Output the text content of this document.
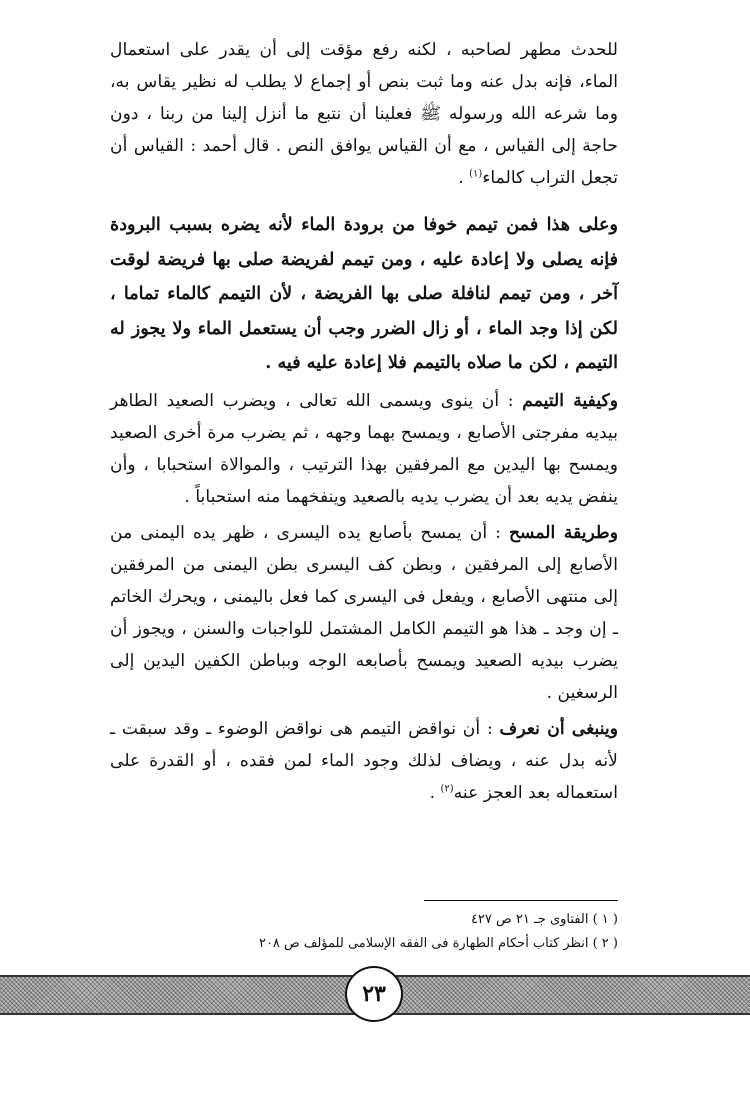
للحدث مطهر لصاحبه ، لكنه رفع مؤقت إلى أن يقدر على استعمال الماء، فإنه بدل عنه وما ثبت بنص أو إجماع لا يطلب له نظير يقاس به، وما شرعه الله ورسوله ﷺ فعلينا أن نتبع ما أنزل إلينا من ربنا ، دون حاجة إلى القياس ، مع أن القياس يوافق النص . قال أحمد : القياس أن تجعل التراب كالماء$^{(١)}$ .

وعلى هذا فمن تيمم خوفا من برودة الماء لأنه يضره بسبب البرودة فإنه يصلى ولا إعادة عليه ، ومن تيمم لفريضة صلى بها فريضة لوقت آخر ، ومن تيمم لنافلة صلى بها الفريضة ، لأن التيمم كالماء تماما ، لكن إذا وجد الماء ، أو زال الضرر وجب أن يستعمل الماء ولا يجوز له التيمم ، لكن ما صلاه بالتيمم فلا إعادة عليه فيه .

وكيفية التيمم : أن ينوى ويسمى الله تعالى ، ويضرب الصعيد الطاهر بيديه مفرجتى الأصابع ، ويمسح بهما وجهه ، ثم يضرب مرة أخرى الصعيد ويمسح بها اليدين مع المرفقين بهذا الترتيب ، والموالاة استحبابا ، وأن ينفض يديه بعد أن يضرب يديه بالصعيد وينفخهما منه استحباباً .

وطريقة المسح : أن يمسح بأصابع يده اليسرى ، ظهر يده اليمنى من الأصابع إلى المرفقين ، وبطن كف اليسرى بطن اليمنى من المرفقين إلى منتهى الأصابع ، ويفعل فى اليسرى كما فعل باليمنى ، ويحرك الخاتم ـ إن وجد ـ هذا هو التيمم الكامل المشتمل للواجبات والسنن ، ويجوز أن يضرب بيديه الصعيد ويمسح بأصابعه الوجه وبباطن الكفين اليدين إلى الرسغين .

وينبغى أن نعرف : أن نواقض التيمم هى نواقض الوضوء ـ وقد سبقت ـ لأنه بدل عنه ، ويضاف لذلك وجود الماء لمن فقده ، أو القدرة على استعماله بعد العجز عنه$^{(٢)}$ .

( ١ ) الفتاوى جـ ٢١ ص ٤٢٧

( ٢ ) انظر كتاب أحكام الطهارة فى الفقه الإسلامى للمؤلف ص ٢٠٨

٢٣
